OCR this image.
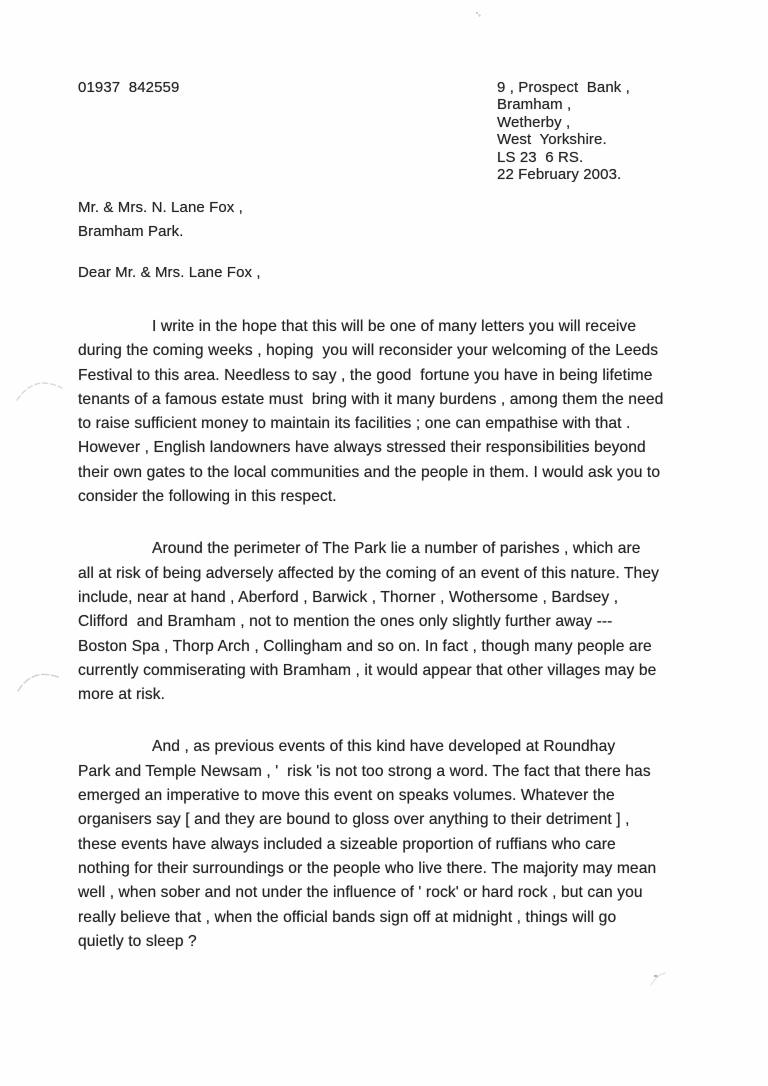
01937  842559	9 , Prospect  Bank ,
Bramham ,
Wetherby ,
West  Yorkshire.
LS 23  6 RS.
22 February 2003.
Mr. & Mrs. N. Lane Fox ,
Bramham Park.
Dear Mr. & Mrs. Lane Fox ,
I write in the hope that this will be one of many letters you will receive
during the coming weeks , hoping  you will reconsider your welcoming of the Leeds
Festival to this area. Needless to say , the good  fortune you have in being lifetime
tenants of a famous estate must  bring with it many burdens , among them the need
to raise sufficient money to maintain its facilities ; one can empathise with that .
However , English landowners have always stressed their responsibilities beyond
their own gates to the local communities and the people in them. I would ask you to
consider the following in this respect.
Around the perimeter of The Park lie a number of parishes , which are
all at risk of being adversely affected by the coming of an event of this nature. They
include, near at hand , Aberford , Barwick , Thorner , Wothersome , Bardsey ,
Clifford  and Bramham , not to mention the ones only slightly further away ---
Boston Spa , Thorp Arch , Collingham and so on. In fact , though many people are
currently commiserating with Bramham , it would appear that other villages may be
more at risk.
And , as previous events of this kind have developed at Roundhay
Park and Temple Newsam , '  risk 'is not too strong a word. The fact that there has
emerged an imperative to move this event on speaks volumes. Whatever the
organisers say [ and they are bound to gloss over anything to their detriment ] ,
these events have always included a sizeable proportion of ruffians who care
nothing for their surroundings or the people who live there. The majority may mean
well , when sober and not under the influence of ' rock' or hard rock , but can you
really believe that , when the official bands sign off at midnight , things will go
quietly to sleep ?
